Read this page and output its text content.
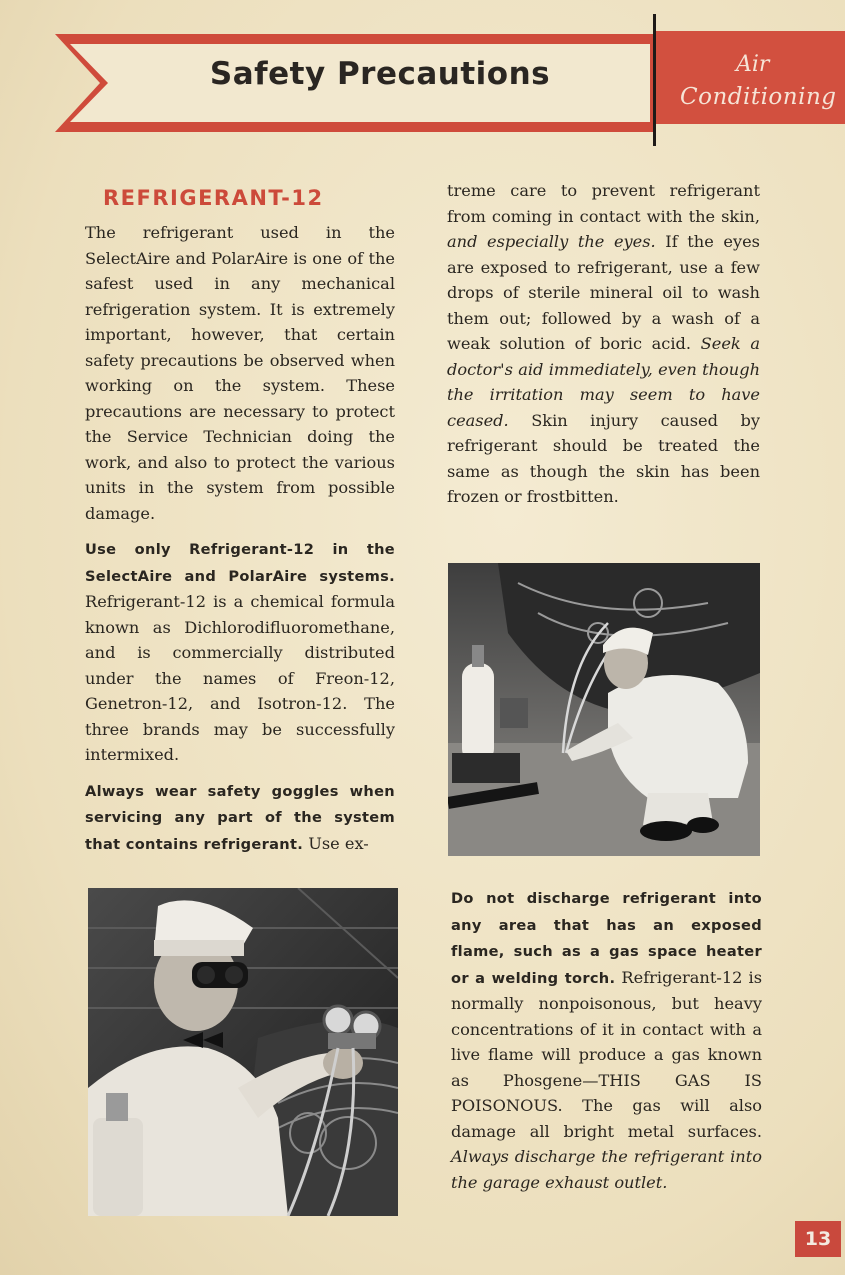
Safety Precautions	Air
Conditioning
REFRIGERANT-12

The refrigerant used in the SelectAire and PolarAire is one of the safest used in any mechanical refrigeration system. It is extremely important, however, that certain safety precautions be observed when working on the system. These precautions are necessary to protect the Service Technician doing the work, and also to protect the various units in the system from possible damage.

Use only Refrigerant-12 in the SelectAire and PolarAire systems. Refrigerant-12 is a chemical formula known as Dichlorodifluoromethane, and is commercially distributed under the names of Freon-12, Genetron-12, and Isotron-12. The three brands may be successfully intermixed.

Always wear safety goggles when servicing any part of the system that contains refrigerant. Use ex-

treme care to prevent refrigerant from coming in contact with the skin, and especially the eyes. If the eyes are exposed to refrigerant, use a few drops of sterile mineral oil to wash them out; followed by a wash of a weak solution of boric acid. Seek a doctor's aid immediately, even though the irritation may seem to have ceased. Skin injury caused by refrigerant should be treated the same as though the skin has been frozen or frostbitten.

Do not discharge refrigerant into any area that has an exposed flame, such as a gas space heater or a welding torch. Refrigerant-12 is normally nonpoisonous, but heavy concentrations of it in contact with a live flame will produce a gas known as Phosgene—THIS GAS IS POISONOUS. The gas will also damage all bright metal surfaces. Always discharge the refrigerant into the garage exhaust outlet.

13
